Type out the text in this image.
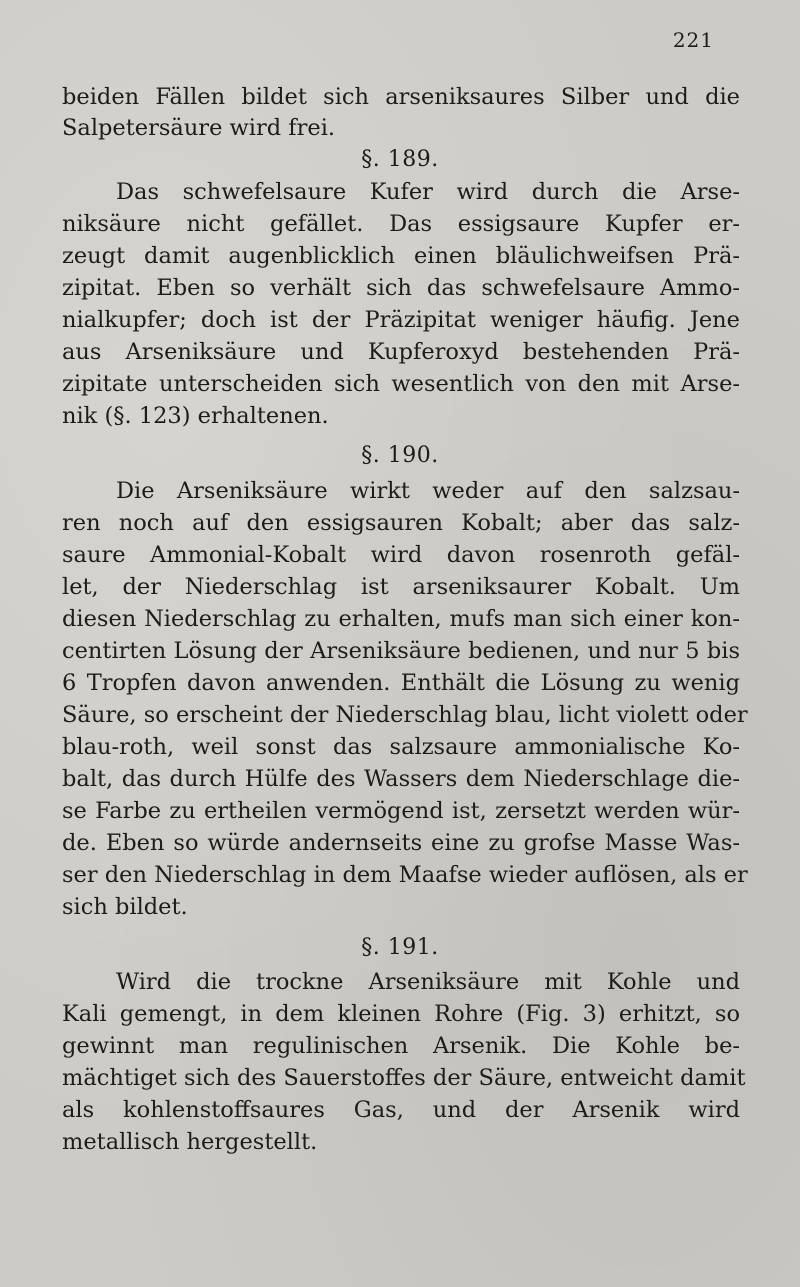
221
beiden Fällen bildet sich arseniksaures Silber und die
Salpetersäure wird frei.
§. 189.
Das schwefelsaure Kufer wird durch die Arse-
niksäure nicht gefället. Das essigsaure Kupfer er-
zeugt damit augenblicklich einen bläulichweifsen Prä-
zipitat. Eben so verhält sich das schwefelsaure Ammo-
nialkupfer; doch ist der Präzipitat weniger häufig. Jene
aus Arseniksäure und Kupferoxyd bestehenden Prä-
zipitate unterscheiden sich wesentlich von den mit Arse-
nik (§. 123) erhaltenen.
§. 190.
Die Arseniksäure wirkt weder auf den salzsau-
ren noch auf den essigsauren Kobalt; aber das salz-
saure Ammonial-Kobalt wird davon rosenroth gefäl-
let, der Niederschlag ist arseniksaurer Kobalt. Um
diesen Niederschlag zu erhalten, mufs man sich einer kon-
centirten Lösung der Arseniksäure bedienen, und nur 5 bis
6 Tropfen davon anwenden. Enthält die Lösung zu wenig
Säure, so erscheint der Niederschlag blau, licht violett oder
blau-roth, weil sonst das salzsaure ammonialische Ko-
balt, das durch Hülfe des Wassers dem Niederschlage die-
se Farbe zu ertheilen vermögend ist, zersetzt werden wür-
de. Eben so würde andernseits eine zu grofse Masse Was-
ser den Niederschlag in dem Maafse wieder auflösen, als er
sich bildet.
§. 191.
Wird die trockne Arseniksäure mit Kohle und
Kali gemengt, in dem kleinen Rohre (Fig. 3) erhitzt, so
gewinnt man regulinischen Arsenik. Die Kohle be-
mächtiget sich des Sauerstoffes der Säure, entweicht damit
als kohlenstoffsaures Gas, und der Arsenik wird
metallisch hergestellt.
